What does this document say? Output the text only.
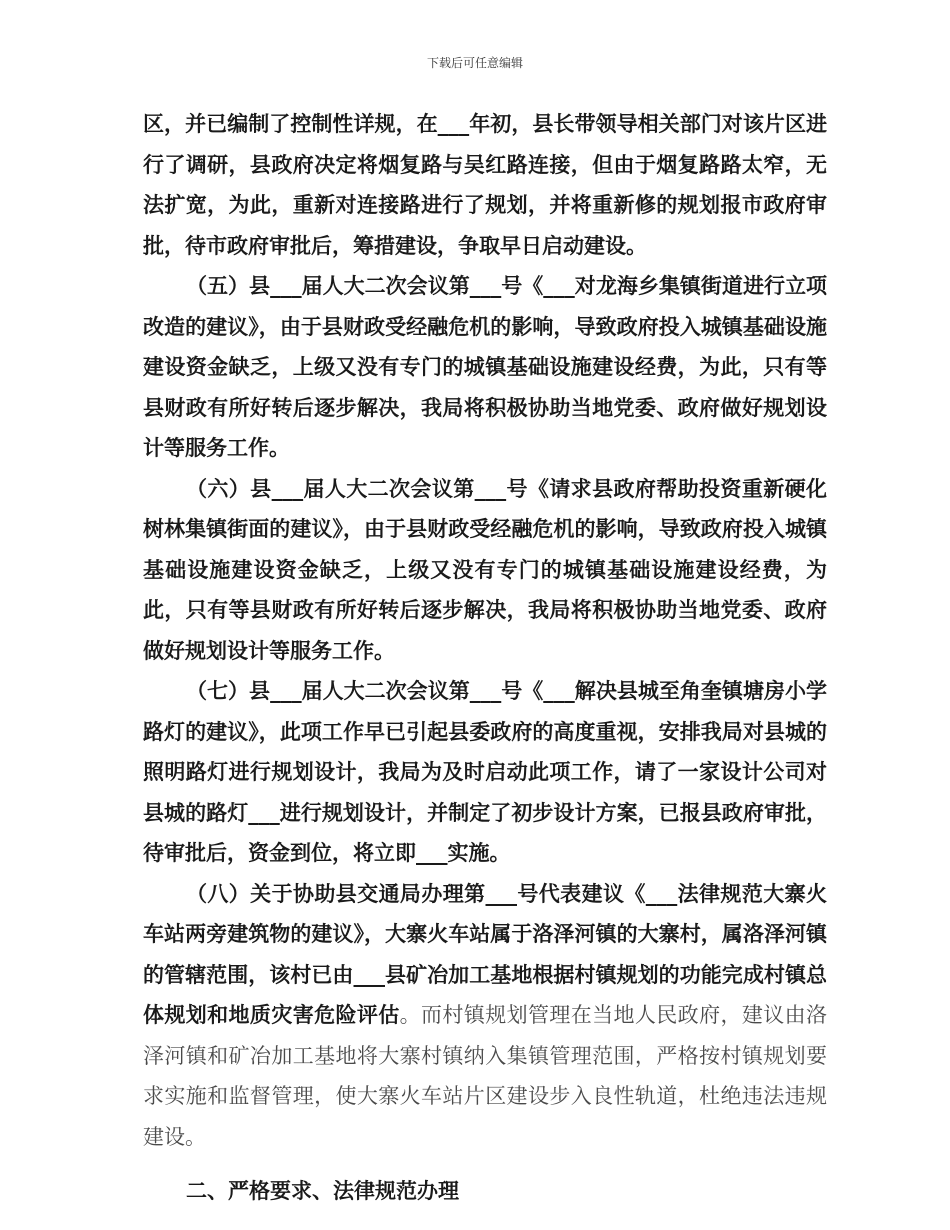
下载后可任意编辑

区，并已编制了控制性详规，在___年初，县长带领导相关部门对该片区进行了调研，县政府决定将烟复路与吴红路连接，但由于烟复路路太窄，无法扩宽，为此，重新对连接路进行了规划，并将重新修的规划报市政府审批，待市政府审批后，筹措建设，争取早日启动建设。

（五）县___届人大二次会议第___号《___对龙海乡集镇街道进行立项改造的建议》，由于县财政受经融危机的影响，导致政府投入城镇基础设施建设资金缺乏，上级又没有专门的城镇基础设施建设经费，为此，只有等县财政有所好转后逐步解决，我局将积极协助当地党委、政府做好规划设计等服务工作。

（六）县___届人大二次会议第___号《请求县政府帮助投资重新硬化树林集镇街面的建议》，由于县财政受经融危机的影响，导致政府投入城镇基础设施建设资金缺乏，上级又没有专门的城镇基础设施建设经费，为此，只有等县财政有所好转后逐步解决，我局将积极协助当地党委、政府做好规划设计等服务工作。

（七）县___届人大二次会议第___号《___解决县城至角奎镇塘房小学路灯的建议》，此项工作早已引起县委政府的高度重视，安排我局对县城的照明路灯进行规划设计，我局为及时启动此项工作，请了一家设计公司对县城的路灯___进行规划设计，并制定了初步设计方案，已报县政府审批，待审批后，资金到位，将立即___实施。

（八）关于协助县交通局办理第___号代表建议《___法律规范大寨火车站两旁建筑物的建议》，大寨火车站属于洛泽河镇的大寨村，属洛泽河镇的管辖范围，该村已由___县矿冶加工基地根据村镇规划的功能完成村镇总体规划和地质灾害危险评估。而村镇规划管理在当地人民政府，建议由洛泽河镇和矿冶加工基地将大寨村镇纳入集镇管理范围，严格按村镇规划要求实施和监督管理，使大寨火车站片区建设步入良性轨道，杜绝违法违规建设。

二、严格要求、法律规范办理
